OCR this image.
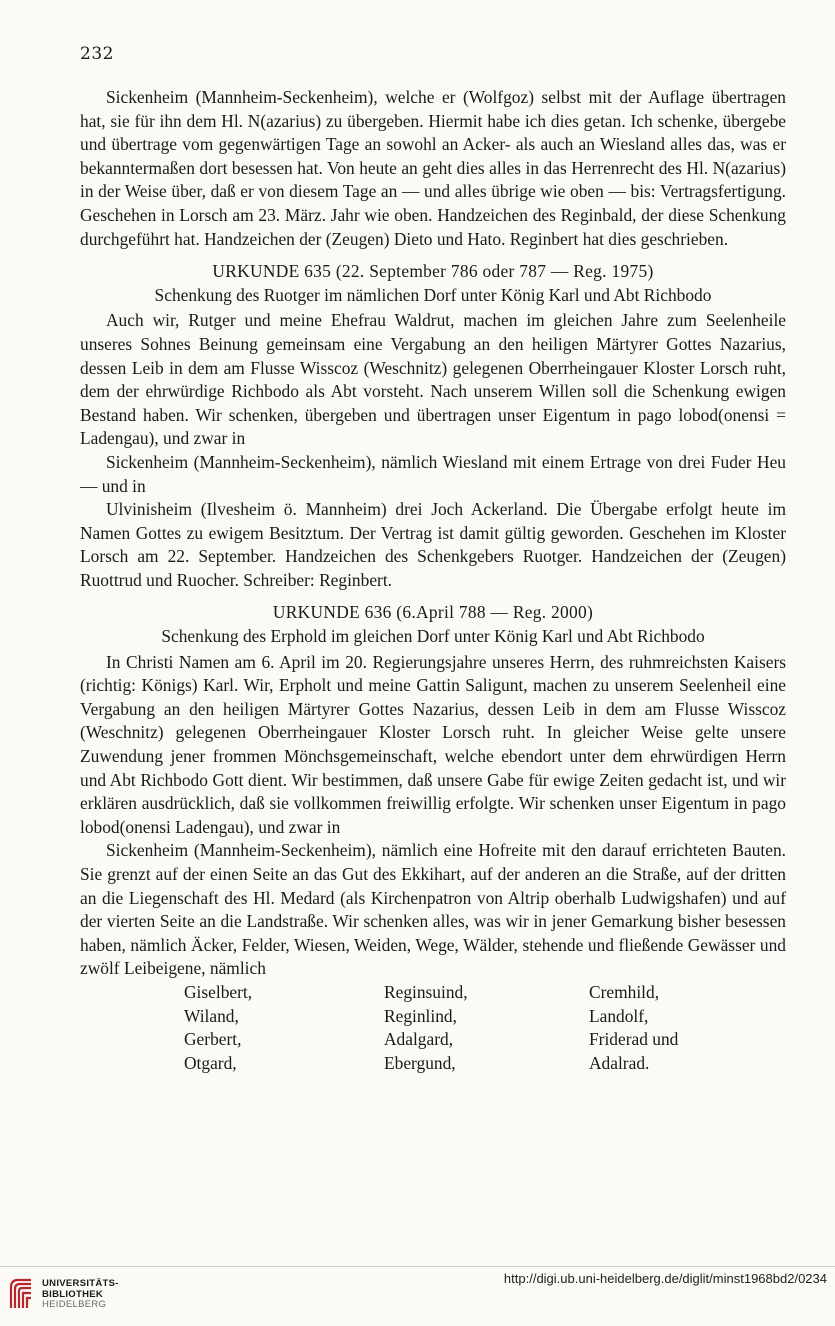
232

Sickenheim (Mannheim-Seckenheim), welche er (Wolfgoz) selbst mit der Auflage übertragen hat, sie für ihn dem Hl. N(azarius) zu übergeben. Hiermit habe ich dies getan. Ich schenke, übergebe und übertrage vom gegenwärtigen Tage an sowohl an Acker- als auch an Wiesland alles das, was er bekanntermaßen dort besessen hat. Von heute an geht dies alles in das Herrenrecht des Hl. N(azarius) in der Weise über, daß er von diesem Tage an — und alles übrige wie oben — bis: Vertragsfertigung. Geschehen in Lorsch am 23. März. Jahr wie oben. Handzeichen des Reginbald, der diese Schenkung durchgeführt hat. Handzeichen der (Zeugen) Dieto und Hato. Reginbert hat dies geschrieben.

URKUNDE 635 (22. September 786 oder 787 — Reg. 1975)

Schenkung des Ruotger im nämlichen Dorf unter König Karl und Abt Richbodo

Auch wir, Rutger und meine Ehefrau Waldrut, machen im gleichen Jahre zum Seelenheile unseres Sohnes Beinung gemeinsam eine Vergabung an den heiligen Märtyrer Gottes Nazarius, dessen Leib in dem am Flusse Wisscoz (Weschnitz) gelegenen Oberrheingauer Kloster Lorsch ruht, dem der ehrwürdige Richbodo als Abt vorsteht. Nach unserem Willen soll die Schenkung ewigen Bestand haben. Wir schenken, übergeben und übertragen unser Eigentum in pago lobod(onensi = Ladengau), und zwar in

Sickenheim (Mannheim-Seckenheim), nämlich Wiesland mit einem Ertrage von drei Fuder Heu — und in

Ulvinisheim (Ilvesheim ö. Mannheim) drei Joch Ackerland. Die Übergabe erfolgt heute im Namen Gottes zu ewigem Besitztum. Der Vertrag ist damit gültig geworden. Geschehen im Kloster Lorsch am 22. September. Handzeichen des Schenkgebers Ruotger. Handzeichen der (Zeugen) Ruottrud und Ruocher. Schreiber: Reginbert.

URKUNDE 636 (6.April 788 — Reg. 2000)

Schenkung des Erphold im gleichen Dorf unter König Karl und Abt Richbodo

In Christi Namen am 6. April im 20. Regierungsjahre unseres Herrn, des ruhmreichsten Kaisers (richtig: Königs) Karl. Wir, Erpholt und meine Gattin Saligunt, machen zu unserem Seelenheil eine Vergabung an den heiligen Märtyrer Gottes Nazarius, dessen Leib in dem am Flusse Wisscoz (Weschnitz) gelegenen Oberrheingauer Kloster Lorsch ruht. In gleicher Weise gelte unsere Zuwendung jener frommen Mönchsgemeinschaft, welche ebendort unter dem ehrwürdigen Herrn und Abt Richbodo Gott dient. Wir bestimmen, daß unsere Gabe für ewige Zeiten gedacht ist, und wir erklären ausdrücklich, daß sie vollkommen freiwillig erfolgte. Wir schenken unser Eigentum in pago lobod(onensi Ladengau), und zwar in

Sickenheim (Mannheim-Seckenheim), nämlich eine Hofreite mit den darauf errichteten Bauten. Sie grenzt auf der einen Seite an das Gut des Ekkihart, auf der anderen an die Straße, auf der dritten an die Liegenschaft des Hl. Medard (als Kirchenpatron von Altrip oberhalb Ludwigshafen) und auf der vierten Seite an die Landstraße. Wir schenken alles, was wir in jener Gemarkung bisher besessen haben, nämlich Äcker, Felder, Wiesen, Weiden, Wege, Wälder, stehende und fließende Gewässer und zwölf Leibeigene, nämlich

Giselbert,	Reginsuind,	Cremhild,
Wiland,	Reginlind,	Landolf,
Gerbert,	Adalgard,	Friderad und
Otgard,	Ebergund,	Adalrad.
UNIVERSITÄTS-
BIBLIOTHEK
HEIDELBERG
http://digi.ub.uni-heidelberg.de/diglit/minst1968bd2/0234
